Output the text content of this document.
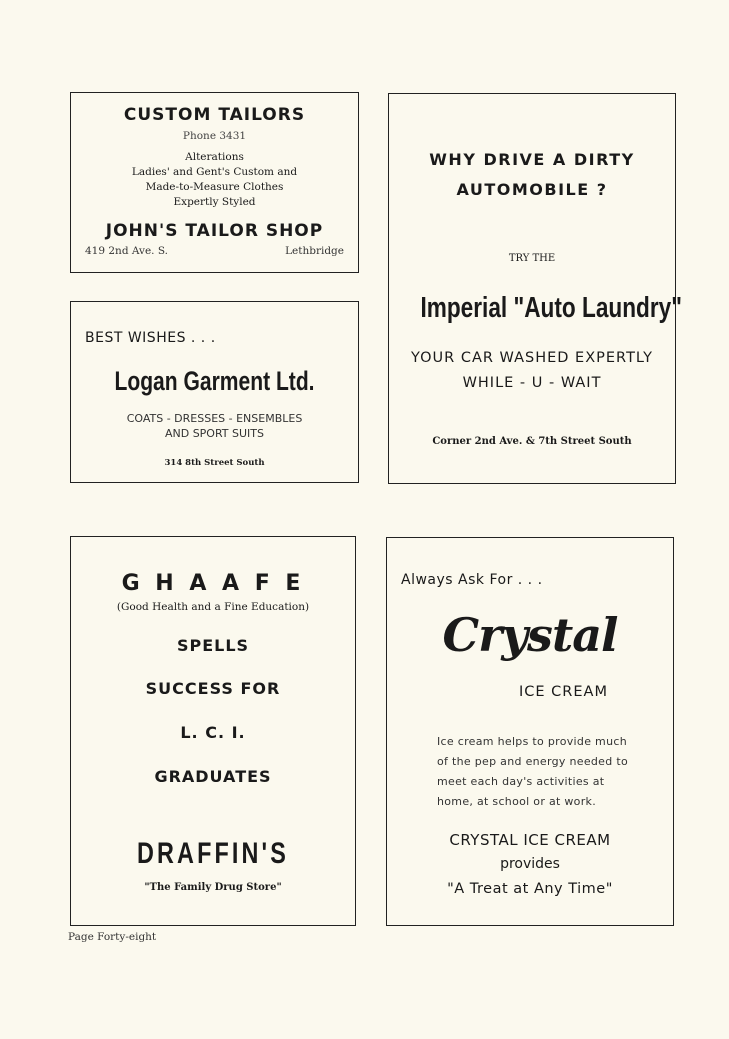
CUSTOM TAILORS
Phone 3431
Alterations
Ladies' and Gent's Custom and
Made-to-Measure Clothes
Expertly Styled
JOHN'S TAILOR SHOP
419 2nd Ave. S.	Lethbridge
BEST WISHES . . .
Logan Garment Ltd.
COATS - DRESSES - ENSEMBLES
AND SPORT SUITS
314 8th Street South
WHY DRIVE A DIRTY
AUTOMOBILE ?
TRY THE
Imperial "Auto Laundry"
YOUR CAR WASHED EXPERTLY
WHILE - U - WAIT
Corner 2nd Ave. & 7th Street South
G H A A F E
(Good Health and a Fine Education)
SPELLS
SUCCESS FOR
L. C. I.
GRADUATES
DRAFFIN'S
"The Family Drug Store"
Always Ask For . . .
Crystal
ICE CREAM
Ice cream helps to provide much
of the pep and energy needed to
meet each day's activities at
home, at school or at work.
CRYSTAL ICE CREAM
provides
"A Treat at Any Time"
Page Forty-eight
